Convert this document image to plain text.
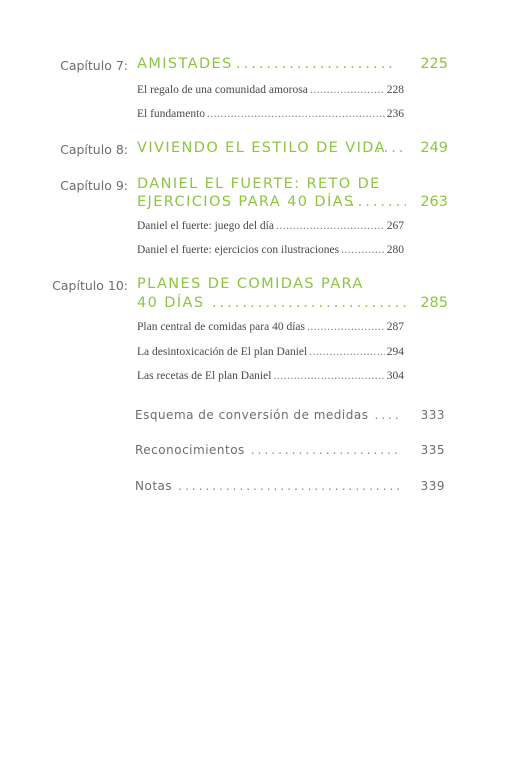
Capítulo 7: AMISTADES .....	225
El regalo de una comunidad amorosa .....	228
El fundamento .....	236
Capítulo 8: VIVIENDO EL ESTILO DE VIDA .....	249
Capítulo 9: DANIEL EL FUERTE: RETO DE
EJERCICIOS PARA 40 DÍAS .....	263
Daniel el fuerte: juego del día .....	267
Daniel el fuerte: ejercicios con ilustraciones .....	280
Capítulo 10: PLANES DE COMIDAS PARA
40 DÍAS .....	285
Plan central de comidas para 40 días .....	287
La desintoxicación de El plan Daniel .....	294
Las recetas de El plan Daniel .....	304
Esquema de conversión de medidas .....	333
Reconocimientos .....	335
Notas .....	339
